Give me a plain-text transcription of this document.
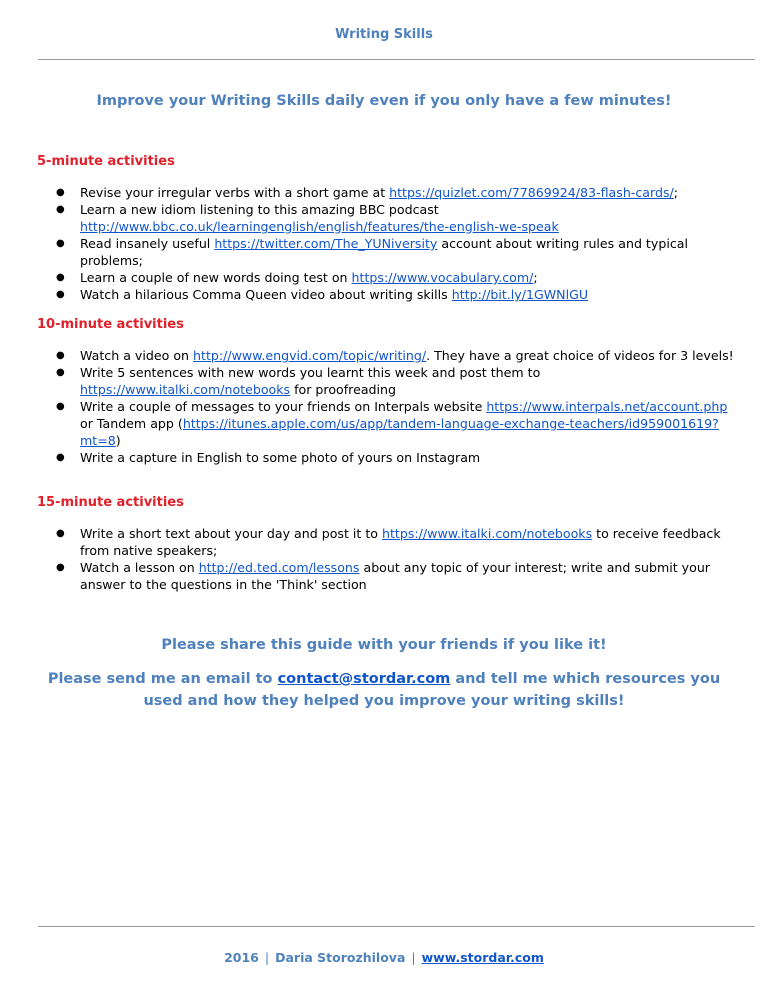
Writing Skills
Improve your Writing Skills daily even if you only have a few minutes!
5-minute activities
● Revise your irregular verbs with a short game at https://quizlet.com/77869924/83-flash-cards/;
● Learn a new idiom listening to this amazing BBC podcast http://www.bbc.co.uk/learningenglish/english/features/the-english-we-speak
● Read insanely useful https://twitter.com/The_YUNiversity account about writing rules and typical problems;
● Learn a couple of new words doing test on https://www.vocabulary.com/;
● Watch a hilarious Comma Queen video about writing skills http://bit.ly/1GWNlGU
10-minute activities
● Watch a video on http://www.engvid.com/topic/writing/. They have a great choice of videos for 3 levels!
● Write 5 sentences with new words you learnt this week and post them to https://www.italki.com/notebooks for proofreading
● Write a couple of messages to your friends on Interpals website https://www.interpals.net/account.php or Tandem app (https://itunes.apple.com/us/app/tandem-language-exchange-teachers/id959001619?mt=8)
● Write a capture in English to some photo of yours on Instagram
15-minute activities
● Write a short text about your day and post it to https://www.italki.com/notebooks to receive feedback from native speakers;
● Watch a lesson on http://ed.ted.com/lessons about any topic of your interest; write and submit your answer to the questions in the 'Think' section
Please share this guide with your friends if you like it!
Please send me an email to contact@stordar.com and tell me which resources you used and how they helped you improve your writing skills!
2016 | Daria Storozhilova | www.stordar.com
